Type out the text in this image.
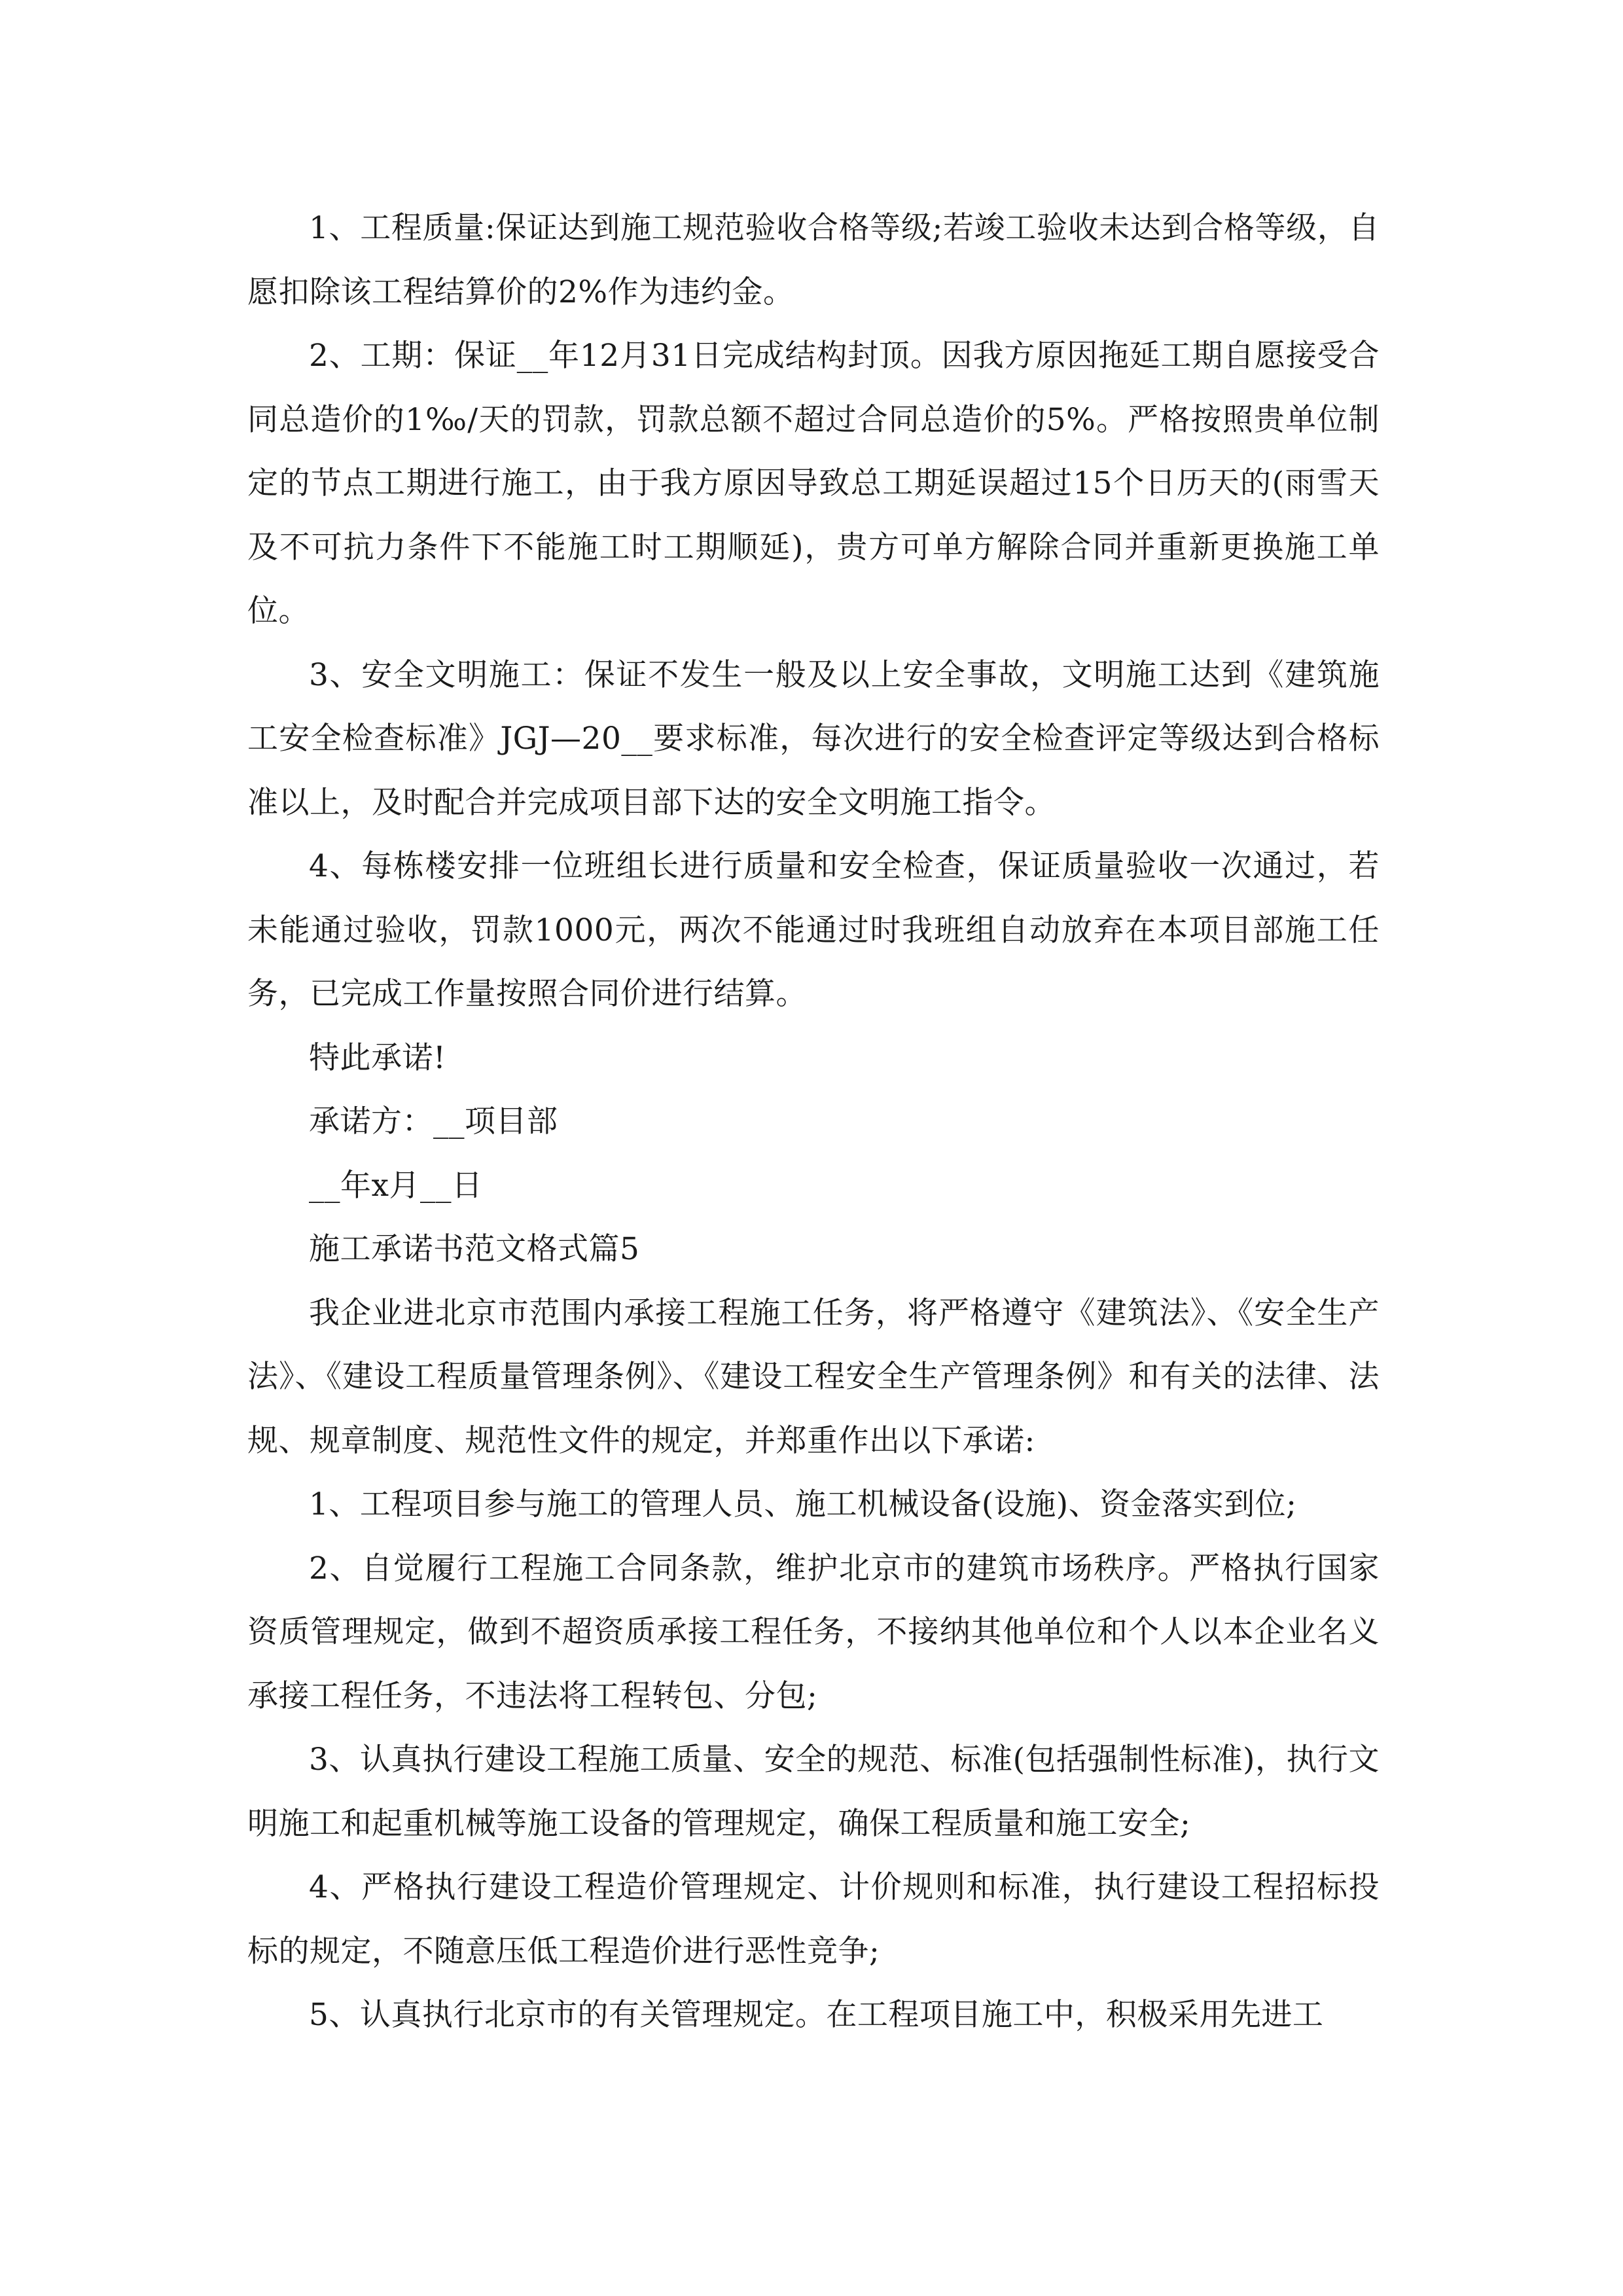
1、工程质量:保证达到施工规范验收合格等级;若竣工验收未达到合格等级，自愿扣除该工程结算价的2%作为违约金。

2、工期：保证__年12月31日完成结构封顶。因我方原因拖延工期自愿接受合同总造价的1‰/天的罚款，罚款总额不超过合同总造价的5%。严格按照贵单位制定的节点工期进行施工，由于我方原因导致总工期延误超过15个日历天的(雨雪天及不可抗力条件下不能施工时工期顺延)，贵方可单方解除合同并重新更换施工单位。

3、安全文明施工：保证不发生一般及以上安全事故，文明施工达到《建筑施工安全检查标准》JGJ—20__要求标准，每次进行的安全检查评定等级达到合格标准以上，及时配合并完成项目部下达的安全文明施工指令。

4、每栋楼安排一位班组长进行质量和安全检查，保证质量验收一次通过，若未能通过验收，罚款1000元，两次不能通过时我班组自动放弃在本项目部施工任务，已完成工作量按照合同价进行结算。

特此承诺!

承诺方：__项目部

__年x月__日

施工承诺书范文格式篇5

我企业进北京市范围内承接工程施工任务，将严格遵守《建筑法》、《安全生产法》、《建设工程质量管理条例》、《建设工程安全生产管理条例》和有关的法律、法规、规章制度、规范性文件的规定，并郑重作出以下承诺:

1、工程项目参与施工的管理人员、施工机械设备(设施)、资金落实到位;

2、自觉履行工程施工合同条款，维护北京市的建筑市场秩序。严格执行国家资质管理规定，做到不超资质承接工程任务，不接纳其他单位和个人以本企业名义承接工程任务，不违法将工程转包、分包;

3、认真执行建设工程施工质量、安全的规范、标准(包括强制性标准)，执行文明施工和起重机械等施工设备的管理规定，确保工程质量和施工安全;

4、严格执行建设工程造价管理规定、计价规则和标准，执行建设工程招标投标的规定，不随意压低工程造价进行恶性竞争;

5、认真执行北京市的有关管理规定。在工程项目施工中，积极采用先进工
